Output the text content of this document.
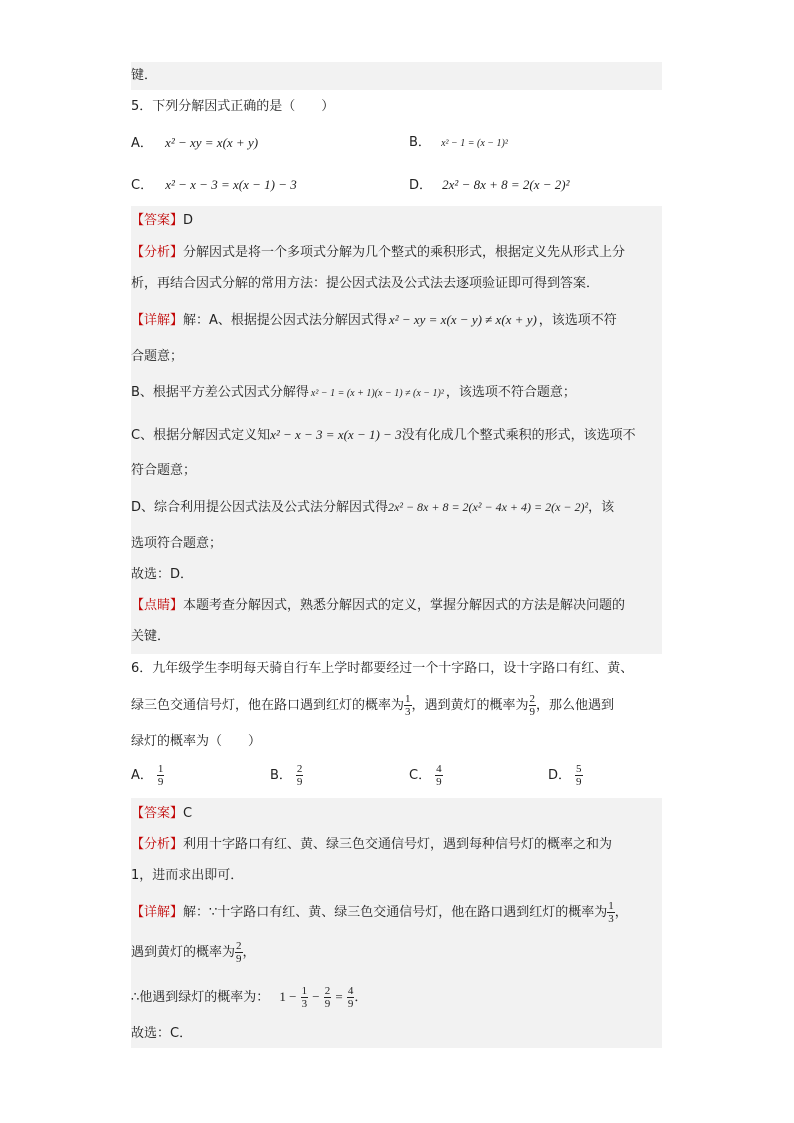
键．
5．下列分解因式正确的是（　　）
A． x² − xy = x(x + y)	B． x² − 1 = (x − 1)²
C． x² − x − 3 = x(x − 1) − 3	D． 2x² − 8x + 8 = 2(x − 2)²
【答案】D
【分析】分解因式是将一个多项式分解为几个整式的乘积形式，根据定义先从形式上分
析，再结合因式分解的常用方法：提公因式法及公式法去逐项验证即可得到答案．
【详解】解：A、根据提公因式法分解因式得 x² − xy = x(x − y) ≠ x(x + y) ，该选项不符
合题意；
B、根据平方差公式因式分解得 x² − 1 = (x + 1)(x − 1) ≠ (x − 1)² ，该选项不符合题意；
C、根据分解因式定义知x² − x − 3 = x(x − 1) − 3没有化成几个整式乘积的形式，该选项不
符合题意；
D、综合利用提公因式法及公式法分解因式得2x² − 8x + 8 = 2(x² − 4x + 4) = 2(x − 2)²，该
选项符合题意；
故选：D．
【点睛】本题考查分解因式，熟悉分解因式的定义，掌握分解因式的方法是解决问题的
关键．
6．九年级学生李明每天骑自行车上学时都要经过一个十字路口，设十字路口有红、黄、
绿三色交通信号灯，他在路口遇到红灯的概率为 $\frac{1}{3}$ ，遇到黄灯的概率为 $\frac{2}{9}$ ，那么他遇到
绿灯的概率为（　　）
A． $\frac{1}{9}$	B． $\frac{2}{9}$	C． $\frac{4}{9}$	D． $\frac{5}{9}$
【答案】C
【分析】利用十字路口有红、黄、绿三色交通信号灯，遇到每种信号灯的概率之和为
1，进而求出即可．
【详解】解：∵十字路口有红、黄、绿三色交通信号灯，他在路口遇到红灯的概率为 $\frac{1}{3}$ ，
遇到黄灯的概率为 $\frac{2}{9}$ ，
∴他遇到绿灯的概率为： $1 - \frac{1}{3} - \frac{2}{9} = \frac{4}{9}$ ．
故选：C．
